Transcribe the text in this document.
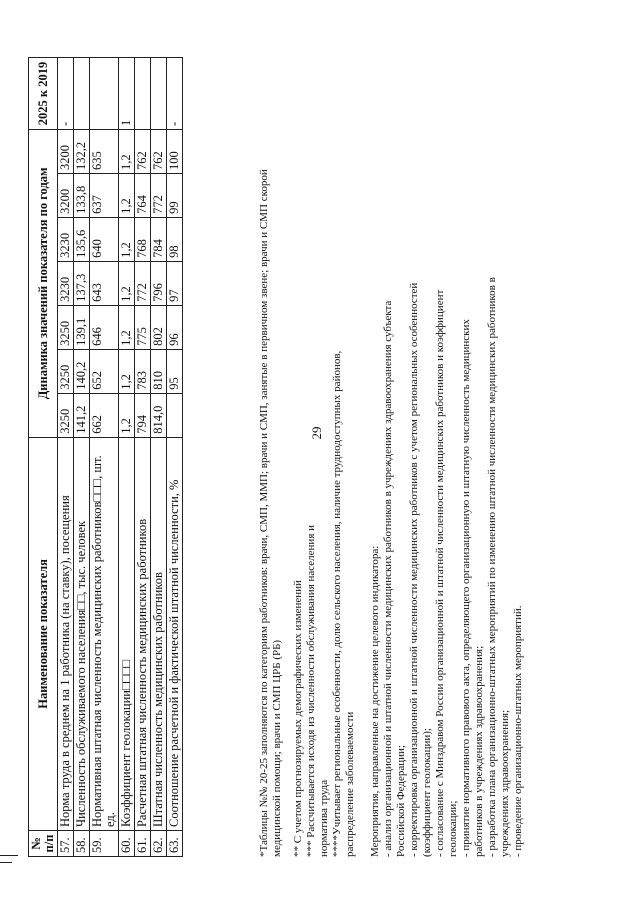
29
№ п/п	Наименование показателя	Динамика значений показателя по годам							2025 к 2019
57.	Норма труда в среднем на 1 работника (на ставку), посещения	3250	3250	3250	3230	3230	3200	3200	-
58.	Численность обслуживаемого населения□□, тыс. человек	141,2	140,2	139,1	137,3	135,6	133,8	132,2	
59.	Нормативная штатная численность медицинских работников□□□, шт. ед.	662	652	646	643	640	637	635	
60.	Коэффициент геолокации□□□□	1,2	1,2	1,2	1,2	1,2	1,2	1,2	1
61.	Расчетная штатная численность медицинских работников	794	783	775	772	768	764	762	
62.	Штатная численность медицинских работников	814,0	810	802	796	784	772	762	
63.	Соотношение расчетной и фактической штатной численности, %		95	96	97	98	99	100	-

*Таблицы №№ 20-25 заполняются по категориям работников: врачи, СМП, ММП; врачи и СМП, занятые в первичном звене; врачи и СМП скорой медицинской помощи; врачи и СМП ЦРБ (РБ) ** С учетом прогнозируемых демографических изменений *** Рассчитывается исходя из численности обслуживания населения и норматива труда ****Учитывает региональные особенности, долю сельского населения, наличие труднодоступных районов, распределение заболеваемости Мероприятия, направленные на достижение целевого индикатора: - анализ организационной и штатной численности медицинских работников в учреждениях здравоохранения субъекта Российской Федерации; - корректировка организационной и штатной численности медицинских работников с учетом региональных особенностей (коэффициент геолокации); - согласование с Минздравом России организационной и штатной численности медицинских работников и коэффициент геолокации; - принятие нормативного правового акта, определяющего организационную и штатную численность медицинских работников в учреждениях здравоохранения; - разработка плана организационно-штатных мероприятий по изменению штатной численности медицинских работников в учреждениях здравоохранения; - проведение организационно-штатных мероприятий.
